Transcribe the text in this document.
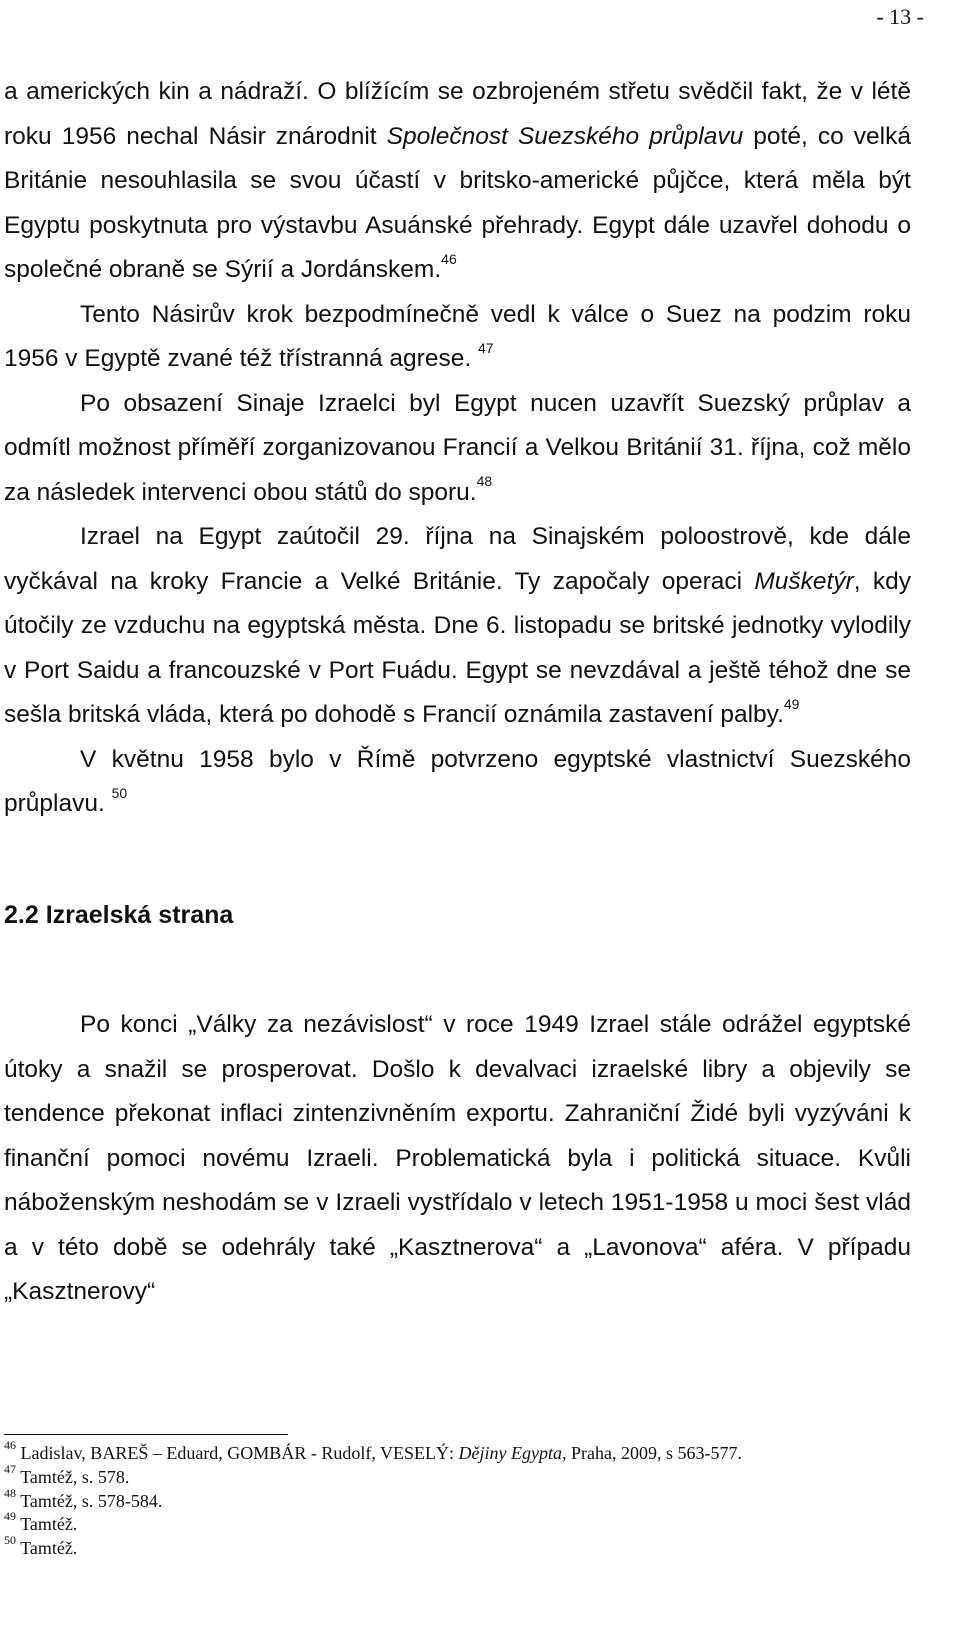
- 13 -

a amerických kin a nádraží. O blížícím se ozbrojeném střetu svědčil fakt, že v létě roku 1956 nechal Násir znárodnit Společnost Suezského průplavu poté, co velká Británie nesouhlasila se svou účastí v britsko-americké půjčce, která měla být Egyptu poskytnuta pro výstavbu Asuánské přehrady. Egypt dále uzavřel dohodu o společné obraně se Sýrií a Jordánskem.$^{46}$

Tento Násirův krok bezpodmínečně vedl k válce o Suez na podzim roku 1956 v Egyptě zvané též třístranná agrese. $^{47}$

Po obsazení Sinaje Izraelci byl Egypt nucen uzavřít Suezský průplav a odmítl možnost příměří zorganizovanou Francií a Velkou Británií 31. října, což mělo za následek intervenci obou států do sporu.$^{48}$

Izrael na Egypt zaútočil 29. října na Sinajském poloostrově, kde dále vyčkával na kroky Francie a Velké Británie. Ty započaly operaci Mušketýr, kdy útočily ze vzduchu na egyptská města. Dne 6. listopadu se britské jednotky vylodily v Port Saidu a francouzské v Port Fuádu. Egypt se nevzdával a ještě téhož dne se sešla britská vláda, která po dohodě s Francií oznámila zastavení palby.$^{49}$

V květnu 1958 bylo v Římě potvrzeno egyptské vlastnictví Suezského průplavu. $^{50}$

2.2 Izraelská strana

Po konci „Války za nezávislost“ v roce 1949 Izrael stále odrážel egyptské útoky a snažil se prosperovat. Došlo k devalvaci izraelské libry a objevily se tendence překonat inflaci zintenzivněním exportu. Zahraniční Židé byli vyzýváni k finanční pomoci novému Izraeli. Problematická byla i politická situace. Kvůli náboženským neshodám se v Izraeli vystřídalo v letech 1951-1958 u moci šest vlád a v této době se odehrály také „Kasztnerova“ a „Lavonova“ aféra. V případu „Kasztnerovy“

$^{46}$ Ladislav, BAREŠ – Eduard, GOMBÁR - Rudolf, VESELÝ: Dějiny Egypta, Praha, 2009, s 563-577.
$^{47}$ Tamtéž, s. 578.
$^{48}$ Tamtéž, s. 578-584.
$^{49}$ Tamtéž.
$^{50}$ Tamtéž.
